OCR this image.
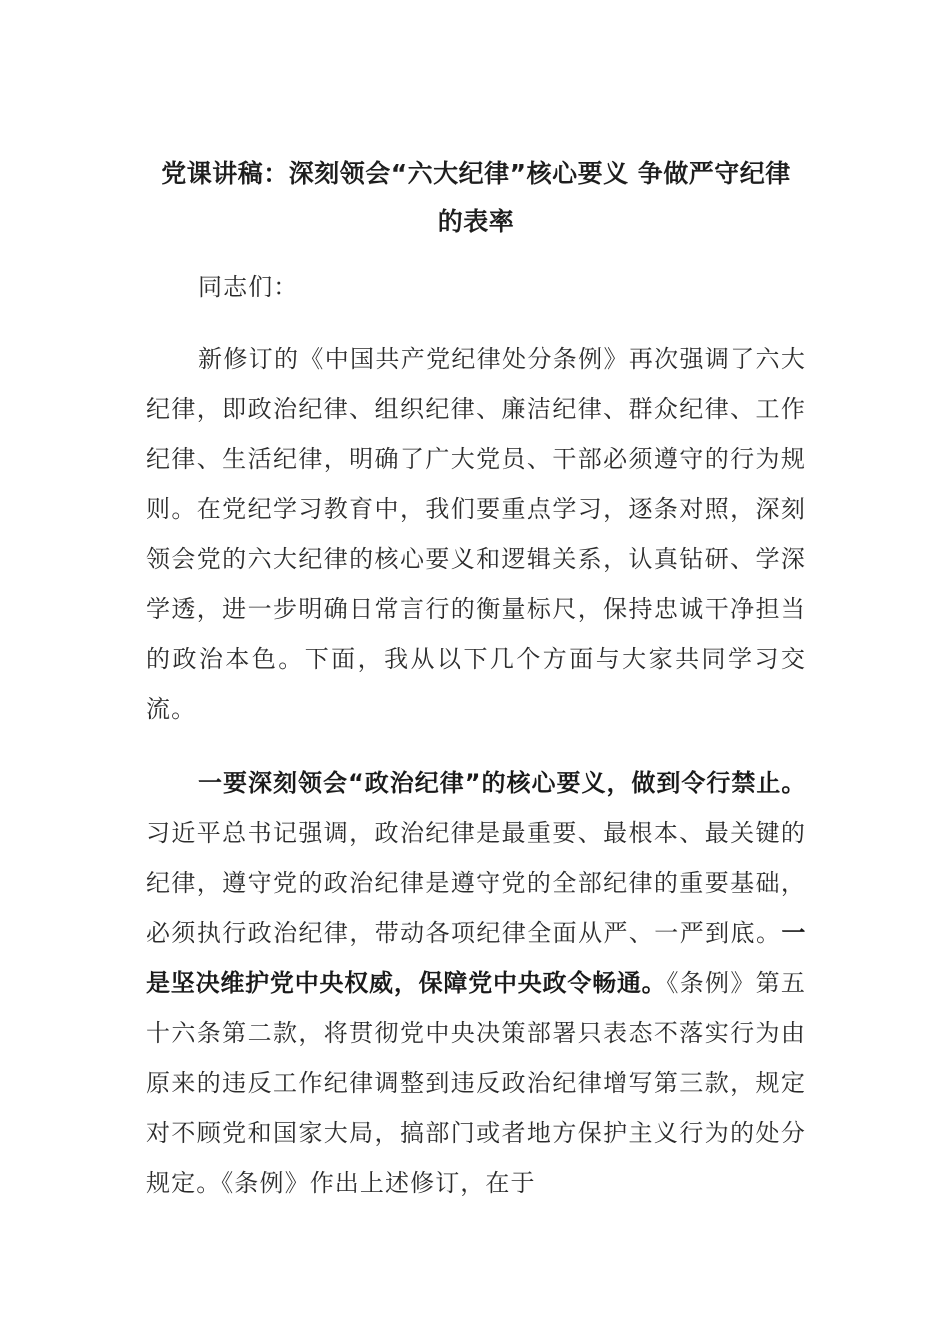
党课讲稿：深刻领会“六大纪律”核心要义 争做严守纪律
的表率

同志们：

新修订的《中国共产党纪律处分条例》再次强调了六大纪律，即政治纪律、组织纪律、廉洁纪律、群众纪律、工作纪律、生活纪律，明确了广大党员、干部必须遵守的行为规则。在党纪学习教育中，我们要重点学习，逐条对照，深刻领会党的六大纪律的核心要义和逻辑关系，认真钻研、学深学透，进一步明确日常言行的衡量标尺，保持忠诚干净担当的政治本色。下面，我从以下几个方面与大家共同学习交流。

一要深刻领会“政治纪律”的核心要义，做到令行禁止。习近平总书记强调，政治纪律是最重要、最根本、最关键的纪律，遵守党的政治纪律是遵守党的全部纪律的重要基础，必须执行政治纪律，带动各项纪律全面从严、一严到底。一是坚决维护党中央权威，保障党中央政令畅通。《条例》第五十六条第二款，将贯彻党中央决策部署只表态不落实行为由原来的违反工作纪律调整到违反政治纪律增写第三款，规定对不顾党和国家大局，搞部门或者地方保护主义行为的处分规定。《条例》作出上述修订，在于
